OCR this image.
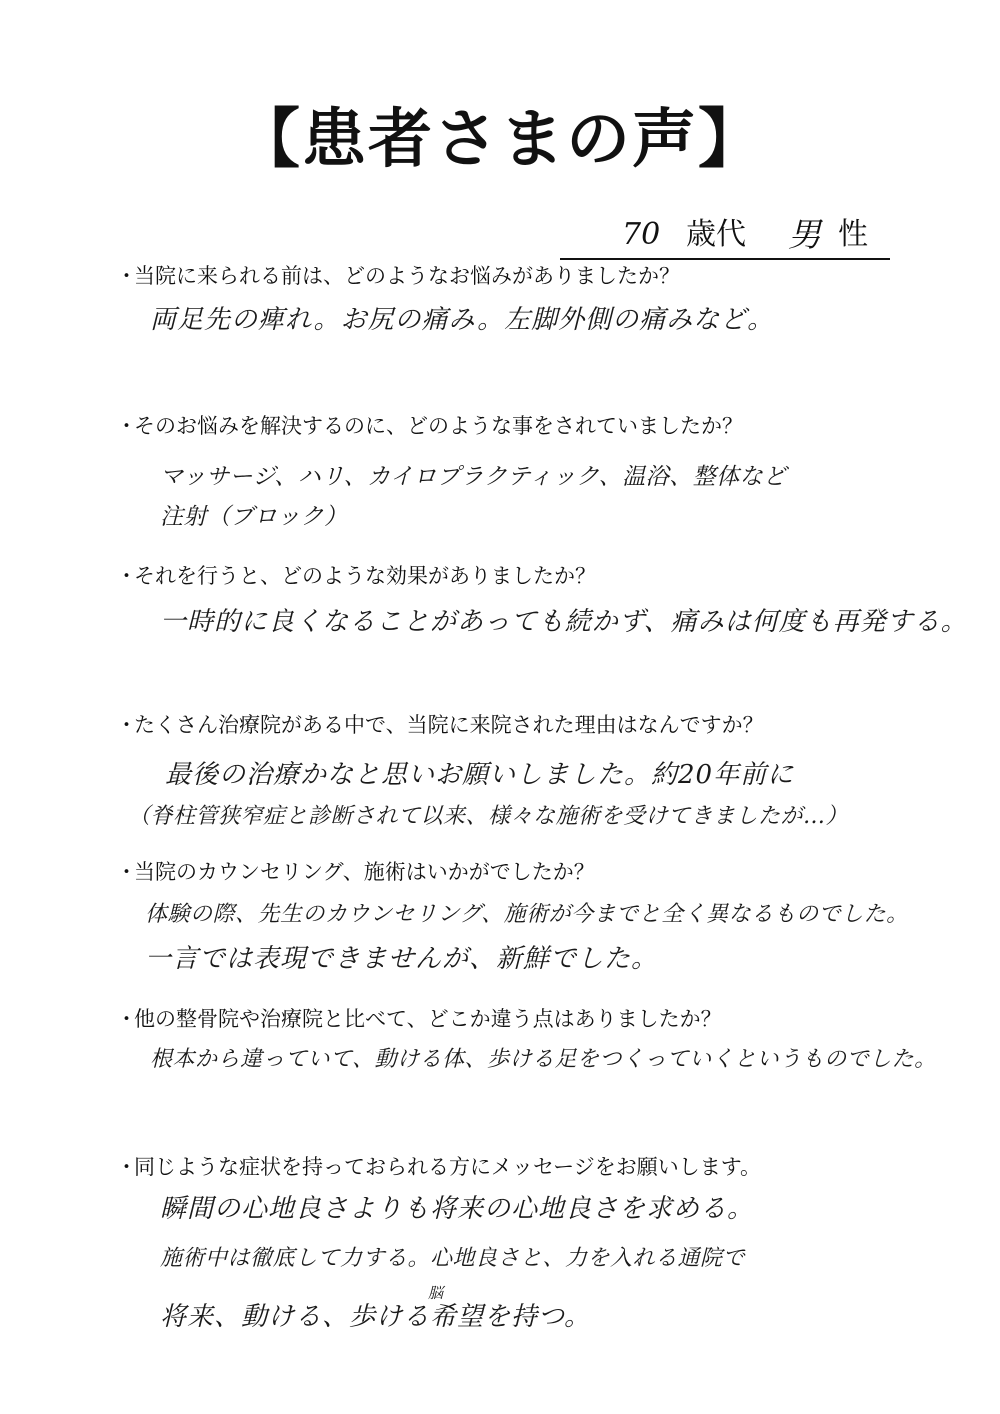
【患者さまの声】
70 歳代 男 性
・当院に来られる前は、どのようなお悩みがありましたか？
両足先の痺れ。お尻の痛み。左脚外側の痛みなど。
・そのお悩みを解決するのに、どのような事をされていましたか？
マッサージ、ハリ、カイロプラクティック、温浴、整体など
注射（ブロック）
・それを行うと、どのような効果がありましたか？
一時的に良くなることがあっても続かず、痛みは何度も再発する。
・たくさん治療院がある中で、当院に来院された理由はなんですか？
最後の治療かなと思いお願いしました。約20年前に
（脊柱管狭窄症と診断されて以来、様々な施術を受けてきましたが…）
・当院のカウンセリング、施術はいかがでしたか？
体験の際、先生のカウンセリング、施術が今までと全く異なるものでした。
一言では表現できませんが、新鮮でした。
・他の整骨院や治療院と比べて、どこか違う点はありましたか？
根本から違っていて、動ける体、歩ける足をつくっていくというものでした。
・同じような症状を持っておられる方にメッセージをお願いします。
瞬間の心地良さよりも将来の心地良さを求める。
施術中は徹底して力する。心地良さと、力を入れる通院で
脳
将来、動ける、歩ける希望を持つ。
